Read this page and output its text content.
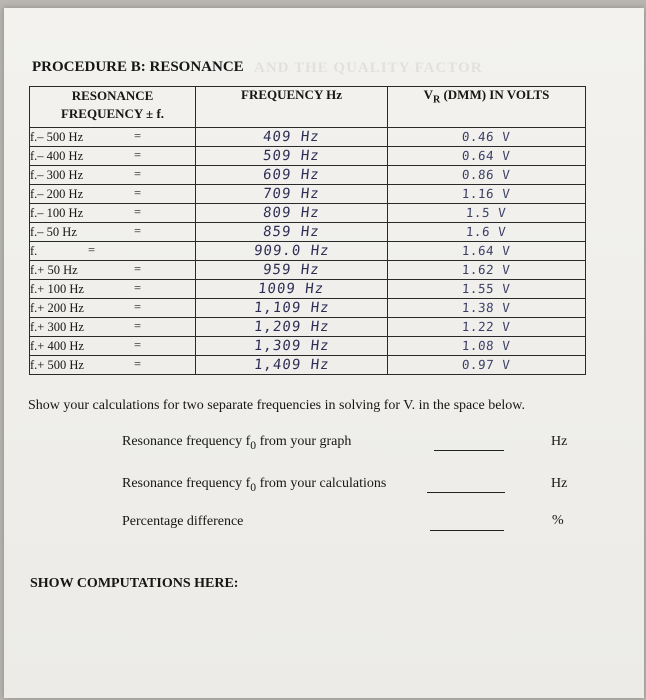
AND THE QUALITY FACTOR
PROCEDURE B: RESONANCE
RESONANCE
FREQUENCY ± f.	FREQUENCY Hz	$V_R$ (DMM) IN VOLTS
f.– 500 Hz =	409 Hz	0.46 V
f.– 400 Hz =	509 Hz	0.64 V
f.– 300 Hz =	609 Hz	0.86 V
f.– 200 Hz =	709 Hz	1.16 V
f.– 100 Hz =	809 Hz	1.5 V
f.– 50 Hz =	859 Hz	1.6 V
f. =	909.0 Hz	1.64 V
f.+ 50 Hz =	959 Hz	1.62 V
f.+ 100 Hz =	1009 Hz	1.55 V
f.+ 200 Hz =	1,109 Hz	1.38 V
f.+ 300 Hz =	1,209 Hz	1.22 V
f.+ 400 Hz =	1,309 Hz	1.08 V
f.+ 500 Hz =	1,409 Hz	0.97 V
Show your calculations for two separate frequencies in solving for V. in the space below.
Resonance frequency $f_0$ from your graph	Hz
Resonance frequency $f_0$ from your calculations	Hz
Percentage difference	%
SHOW COMPUTATIONS HERE:
